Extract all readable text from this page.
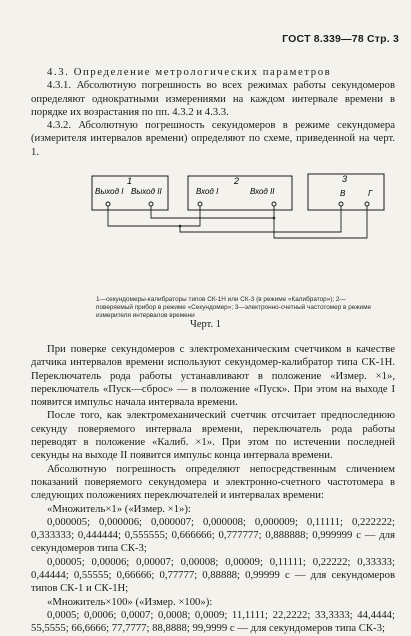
ГОСТ 8.339—78 Стр. 3

4.3. Определение метрологических параметров

4.3.1. Абсолютную погрешность во всех режимах работы секундомеров определяют однократными измерениями на каждом интервале времени в порядке их возрастания по пп. 4.3.2 и 4.3.3.

4.3.2. Абсолютную погрешность секундомеров в режиме секундомера (измерителя интервалов времени) определяют по схеме, приведенной на черт. 1.

1
Выход I Выход II
2
Вход I	Вход II
3
В	Г
1—секундомеры-калибраторы типов СК-1Н или СК-3 (в режиме «Калибратор»); 2—поверяемый прибор в режиме «Секундомер»; 3—электронно-счетный частотомер в режиме измерителя интервалов времени
Черт. 1

При поверке секундомеров с электромеханическим счетчиком в качестве датчика интервалов времени используют секундомер-калибратор типа СК-1Н. Переключатель рода работы устанавливают в положение «Измер. ×1», переключатель «Пуск—сброс» — в положение «Пуск». При этом на выходе I появится импульс начала интервала времени.

После того, как электромеханический счетчик отсчитает предпоследнюю секунду поверяемого интервала времени, переключатель рода работы переводят в положение «Калиб. ×1». При этом по истечении последней секунды на выходе II появится импульс конца интервала времени.

Абсолютную погрешность определяют непосредственным сличением показаний поверяемого секундомера и электронно-счетного частотомера в следующих положениях переключателей и интервалах времени:

«Множитель×1» («Измер. ×1»):

0,000005; 0,000006; 0,000007; 0,000008; 0,000009; 0,11111; 0,222222; 0,333333; 0,444444; 0,555555; 0,666666; 0,777777; 0,888888; 0,999999 с — для секундомеров типа СК-3;

0,00005; 0,00006; 0,00007; 0,00008; 0,00009; 0,11111; 0,22222; 0,33333; 0,44444; 0,55555; 0,66666; 0,77777; 0,88888; 0,99999 с — для секундомеров типов СК-1 и СК-1Н;

«Множитель×100» («Измер. ×100»):

0,0005; 0,0006; 0,0007; 0,0008; 0,0009; 11,1111; 22,2222; 33,3333; 44,4444; 55,5555; 66,6666; 77,7777; 88,8888; 99,9999 с — для секундомеров типа СК-3;
